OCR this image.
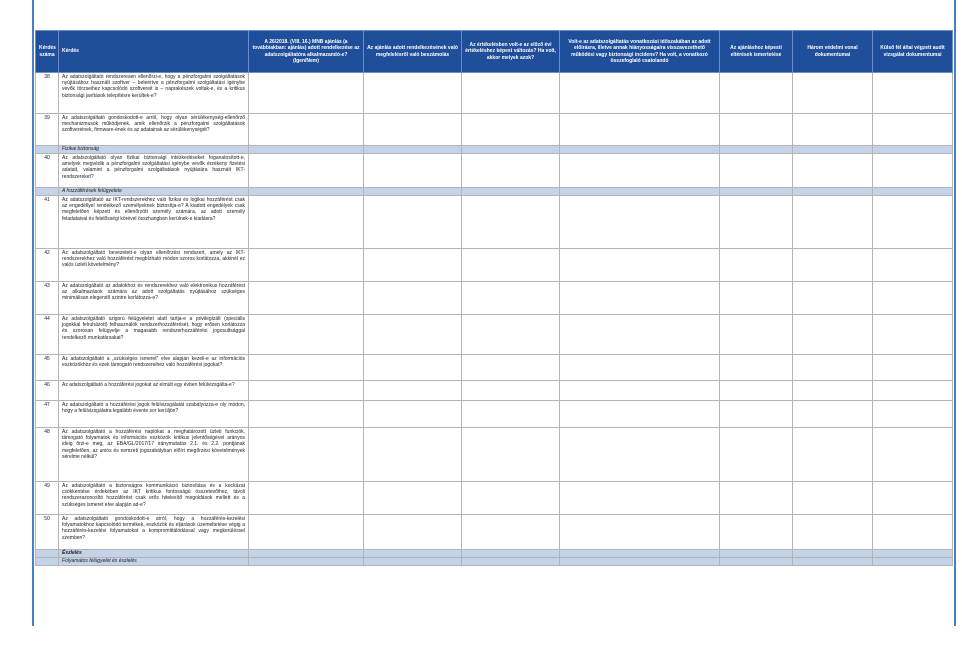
Kérdés száma	Kérdés	A 26/2018. (VIII. 16.) MNB ajánlás (a továbbiakban: ajánlás) adott rendelkezése az adatszolgáltatóra alkalmazandó-e? (Igen/Nem)	Az ajánlás adott rendelkezésének való megfelelésről való beszámolás	Az értékelésben volt-e az előző évi értékeléshez képest változás? Ha volt, akkor melyek azok?	Volt-e az adatszolgáltatás vonatkozási időszakában az adott előírásra, illetve annak hiányosságaira visszavezethető működési vagy biztonsági incidens? Ha volt, a vonatkozó összefoglaló csatolandó	Az ajánláshoz képesti eltérések ismertetése	Három védelmi vonal dokumentumai	Külső fél által végzett audit vizsgálat dokumentumai
38	Az adatszolgáltató rendszeresen ellenőrzi-e, hogy a pénzforgalmi szolgáltatások nyújtásához használt szoftver – beleértve a pénzforgalmi szolgáltatási igénybe vevők törzseihez kapcsolódó szoftvereit is – naprakészek voltak-e, és a kritikus biztonsági javítások telepítésre kerültek-e?							
39	Az adatszolgáltató gondoskodott-e arról, hogy olyan sérülékenység-ellenőrző mechanizmusok működjenek, amik ellenőrzik a pénzforgalmi szolgáltatások szoftvereinek, firmware-ének és az adatainak az sérülékenységét?							
	Fizikai biztonság							
40	Az adatszolgáltató olyan fizikai biztonsági intézkedéseket foganatosított-e, amelyek megvédik a pénzforgalmi szolgáltatási igénybe vevők érzékeny fizetési adatait, valamint a pénzforgalmi szolgáltatások nyújtására használt IKT-rendszereket?							
	A hozzáférések felügyelete							
41	Az adatszolgáltató az IKT-rendszerekhez való fizikai és logikai hozzáférést csak az engedéllyel rendelkező személyeknek biztosítja-e? A kiadott engedélyek csak megfelelően képzett és ellenőrzött személy számára, az adott személy feladataival és felelősségi körével összhangban kerülnek-e kiadásra?							
42	Az adatszolgáltató bevezetett-e olyan ellenőrzési rendszert, amely az IKT-rendszerekhez való hozzáférést megbízható módon szoros korlátozza, akkinél ez valós üzleti követelmény?							
43	Az adatszolgáltató az adatokhoz és rendszerekhez való elektronikus hozzáférést az alkalmazások számára az adott szolgáltatás nyújtásához szükséges minimálisan elegendő szintre korlátozza-e?							
44	Az adatszolgáltató szigorú felügyeletet alatt tartja-e a privilegizált (speciális jogokkal felruházott) felhasználók rendszerhozzáférését, hogy erősen korlátozza és szorosan felügyelje a magasabb rendszerhozzáférési jogosultsággal rendelkező munkatársakat?							
45	Az adatszolgáltató a „szükséges ismeret” elve alapján kezeli-e az információs eszközökhöz és ezek támogató rendszereihez való hozzáférési jogokat?							
46	Az adatszolgáltató a hozzáférési jogokat az elmúlt egy évben felülvizsgálta-e?							
47	Az adatszolgáltató a hozzáférési jogok felülvizsgálatát szabályozza-e oly módon, hogy a felülvizsgálatra legalább évente sor kerüljön?							
48	Az adatszolgáltató a hozzáférési naplókat a meghatározott üzleti funkciók, támogató folyamatok és információs eszközök kritikus jelentőségével arányos ideig őrzi-e meg, az EBA/GL/2017/17 iránymutatás 2.1. és 2.2. pontjának megfelelően, az uniós és nemzeti jogszabályban előírt megőrzési követelmények sérelme nélkül?							
49	Az adatszolgáltató a biztonságos kommunikáció biztosítása és a kockázat csökkentése érdekében az IKT kritikus fontosságú összetevőihez, távoli rendszerazonosító hozzáférést csak erős hitelesítő megoldások mellett és a szükséges ismeret elve alapján ad-e?							
50	Az adatszolgáltató gondoskodott-e arról, hogy a hozzáférés-kezelési folyamatokhoz kapcsolódó termékek, eszközök és eljárások üzemeltetése végig a hozzáférés-kezelési folyamatokat a kompromittálódással vagy megkerüléssel szemben?							
	Észlelés							
	Folyamatos felügyelet és észlelés							
